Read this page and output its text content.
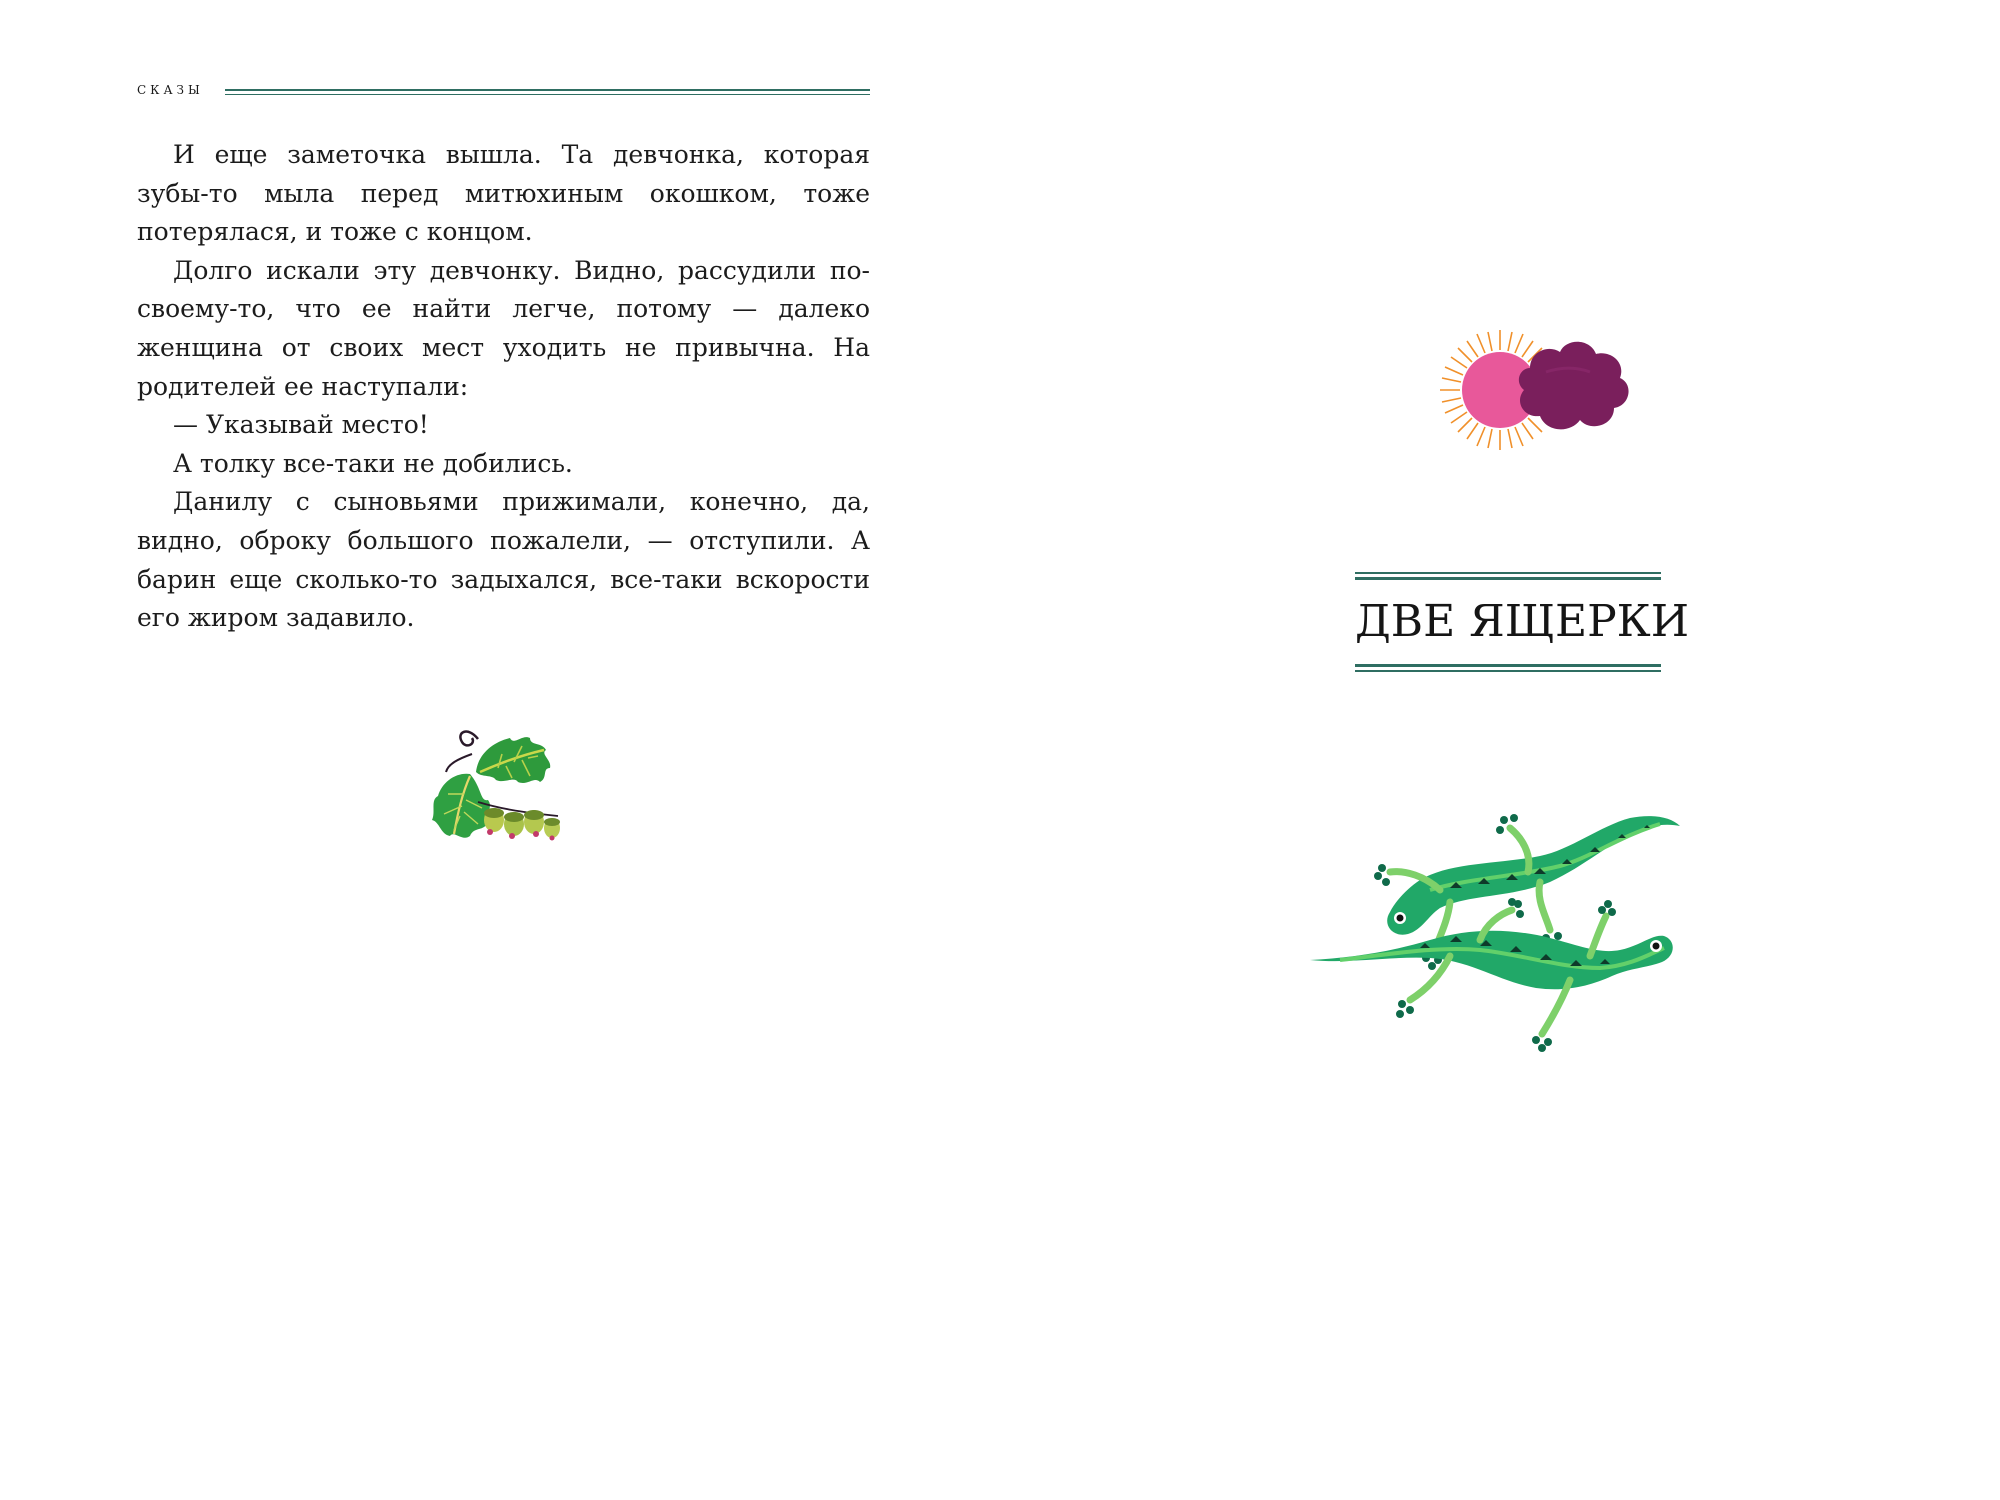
СКАЗЫ

И еще заметочка вышла. Та девчонка, которая зубы-то мыла перед митюхиным окошком, тоже потерялася, и тоже с концом.

Долго искали эту девчонку. Видно, рассудили по-своему-то, что ее найти легче, потому — далеко женщина от своих мест уходить не привычна. На родителей ее наступали:

— Указывай место!

А толку все-таки не добились.

Данилу с сыновьями прижимали, конечно, да, видно, оброку большого пожалели, — отступили. А барин еще сколько-то задыхался, все-таки вскорости его жиром задавило.	ДВЕ ЯЩЕРКИ
